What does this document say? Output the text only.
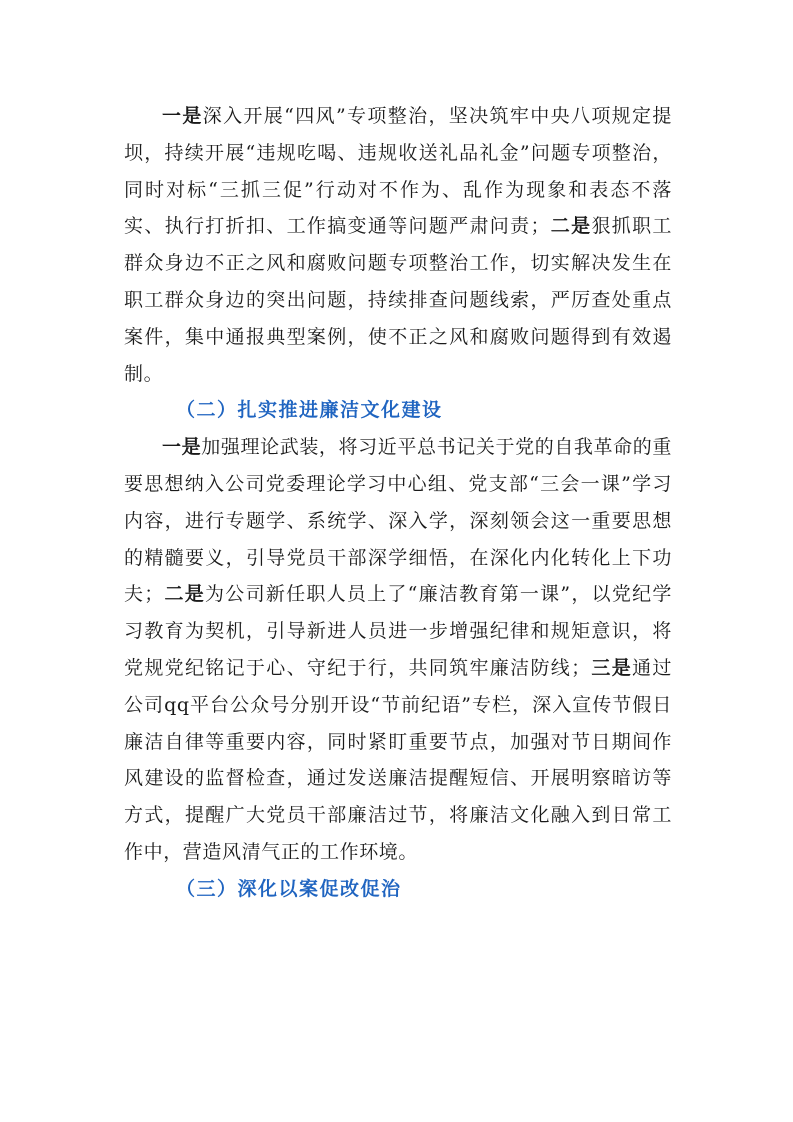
一是深入开展“四风”专项整治，坚决筑牢中央八项规定提坝，持续开展“违规吃喝、违规收送礼品礼金”问题专项整治，同时对标“三抓三促”行动对不作为、乱作为现象和表态不落实、执行打折扣、工作搞变通等问题严肃问责；二是狠抓职工群众身边不正之风和腐败问题专项整治工作，切实解决发生在职工群众身边的突出问题，持续排查问题线索，严厉查处重点案件，集中通报典型案例，使不正之风和腐败问题得到有效遏制。

（二）扎实推进廉洁文化建设

一是加强理论武装，将习近平总书记关于党的自我革命的重要思想纳入公司党委理论学习中心组、党支部“三会一课”学习内容，进行专题学、系统学、深入学，深刻领会这一重要思想的精髓要义，引导党员干部深学细悟，在深化内化转化上下功夫；二是为公司新任职人员上了“廉洁教育第一课”，以党纪学习教育为契机，引导新进人员进一步增强纪律和规矩意识，将党规党纪铭记于心、守纪于行，共同筑牢廉洁防线；三是通过公司qq平台公众号分别开设“节前纪语”专栏，深入宣传节假日廉洁自律等重要内容，同时紧盯重要节点，加强对节日期间作风建设的监督检查，通过发送廉洁提醒短信、开展明察暗访等方式，提醒广大党员干部廉洁过节，将廉洁文化融入到日常工作中，营造风清气正的工作环境。

（三）深化以案促改促治
